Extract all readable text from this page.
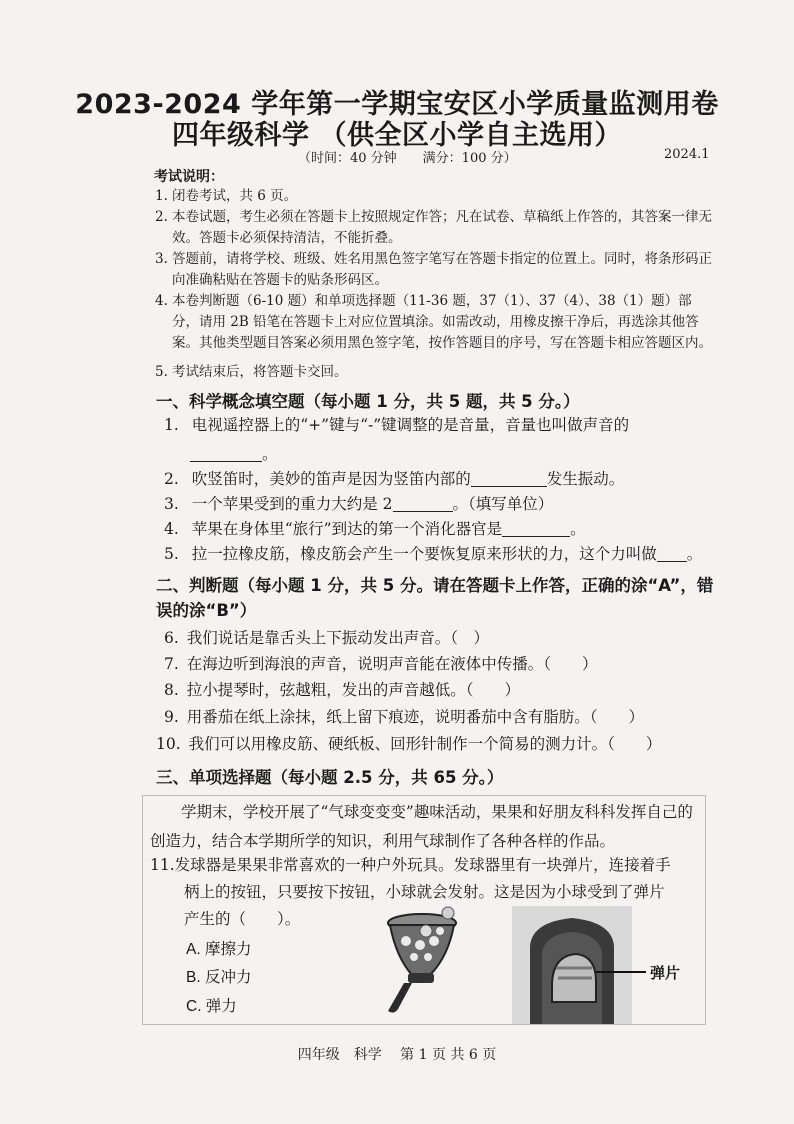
2023-2024 学年第一学期宝安区小学质量监测用卷
四年级科学 （供全区小学自主选用）
（时间：40 分钟　　满分：100 分）	2024.1
考试说明：
1. 闭卷考试，共 6 页。
2. 本卷试题，考生必须在答题卡上按照规定作答；凡在试卷、草稿纸上作答的，其答案一律无效。答题卡必须保持清洁，不能折叠。
3. 答题前，请将学校、班级、姓名用黑色签字笔写在答题卡指定的位置上。同时，将条形码正向准确粘贴在答题卡的贴条形码区。
4. 本卷判断题（6-10 题）和单项选择题（11-36 题，37（1）、37（4）、38（1）题）部分，请用 2B 铅笔在答题卡上对应位置填涂。如需改动，用橡皮擦干净后，再选涂其他答案。其他类型题目答案必须用黑色签字笔，按作答题目的序号，写在答题卡相应答题区内。
5. 考试结束后，将答题卡交回。
一、科学概念填空题（每小题 1 分，共 5 题，共 5 分。）
1. 电视遥控器上的“+”键与“-”键调整的是音量，音量也叫做声音的
。
2. 吹竖笛时，美妙的笛声是因为竖笛内部的	发生振动。
3. 一个苹果受到的重力大约是 2	。（填写单位）
4. 苹果在身体里“旅行”到达的第一个消化器官是	。
5. 拉一拉橡皮筋，橡皮筋会产生一个要恢复原来形状的力，这个力叫做 。
二、判断题（每小题 1 分，共 5 分。请在答题卡上作答，正确的涂“A”，错
误的涂“B”）
6. 我们说话是靠舌头上下振动发出声音。（　）
7. 在海边听到海浪的声音，说明声音能在液体中传播。（　　）
8. 拉小提琴时，弦越粗，发出的声音越低。（　　）
9. 用番茄在纸上涂抹，纸上留下痕迹，说明番茄中含有脂肪。（　　）
10. 我们可以用橡皮筋、硬纸板、回形针制作一个简易的测力计。（　　）
三、单项选择题（每小题 2.5 分，共 65 分。）
学期末，学校开展了“气球变变变”趣味活动，果果和好朋友科科发挥自己的创造力，结合本学期所学的知识，利用气球制作了各种各样的作品。
11.发球器是果果非常喜欢的一种户外玩具。发球器里有一块弹片，连接着手
柄上的按钮，只要按下按钮，小球就会发射。这是因为小球受到了弹片
产生的（　　）。
A. 摩擦力
B. 反冲力
C. 弹力
弹片
四年级　科学　 第 1 页 共 6 页
